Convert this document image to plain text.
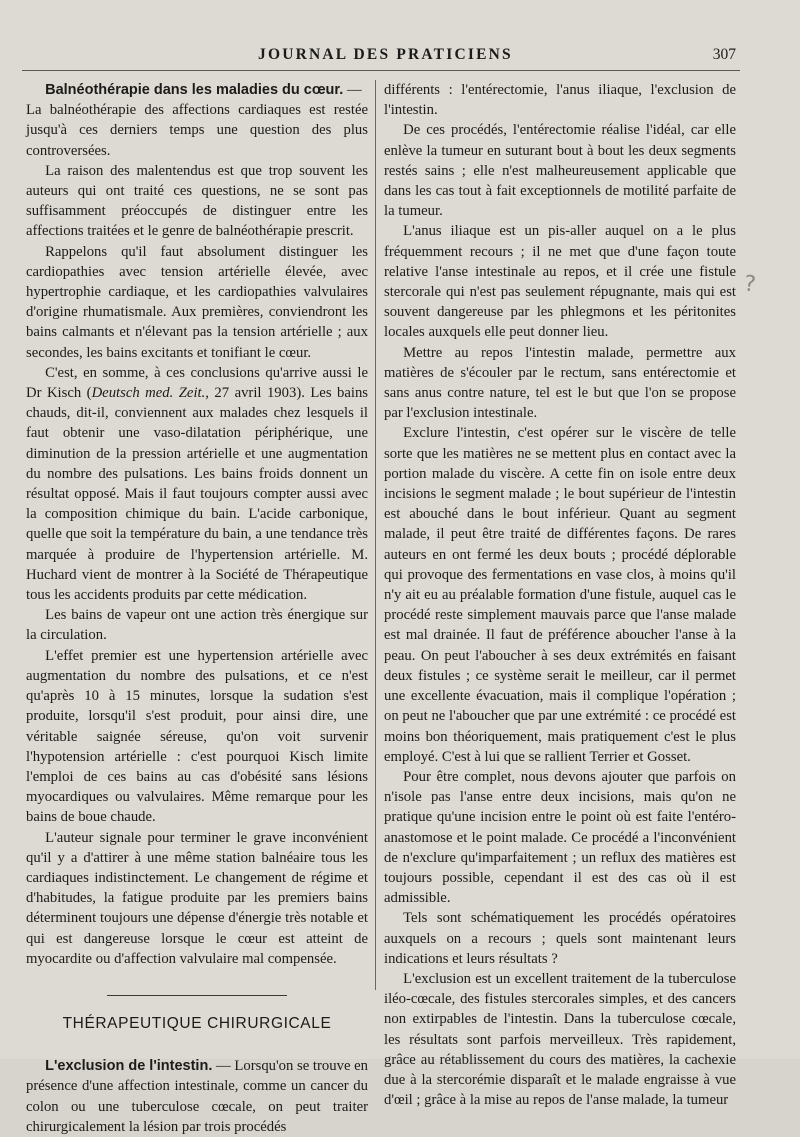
JOURNAL DES PRATICIENS	307

Balnéothérapie dans les maladies du cœur. —
La balnéothérapie des affections cardiaques est restée jusqu'à ces derniers temps une question des plus controversées.

La raison des malentendus est que trop souvent les auteurs qui ont traité ces questions, ne se sont pas suffisamment préoccupés de distinguer entre les affections traitées et le genre de balnéothérapie prescrit.

Rappelons qu'il faut absolument distinguer les cardiopathies avec tension artérielle élevée, avec hypertrophie cardiaque, et les cardiopathies valvulaires d'origine rhumatismale. Aux premières, conviendront les bains calmants et n'élevant pas la tension artérielle ; aux secondes, les bains excitants et tonifiant le cœur.

C'est, en somme, à ces conclusions qu'arrive aussi le Dr Kisch (Deutsch med. Zeit., 27 avril 1903). Les bains chauds, dit-il, conviennent aux malades chez lesquels il faut obtenir une vaso-dilatation périphérique, une diminution de la pression artérielle et une augmentation du nombre des pulsations. Les bains froids donnent un résultat opposé. Mais il faut toujours compter aussi avec la composition chimique du bain. L'acide carbonique, quelle que soit la température du bain, a une tendance très marquée à produire de l'hypertension artérielle. M. Huchard vient de montrer à la Société de Thérapeutique tous les accidents produits par cette médication.

Les bains de vapeur ont une action très énergique sur la circulation.

L'effet premier est une hypertension artérielle avec augmentation du nombre des pulsations, et ce n'est qu'après 10 à 15 minutes, lorsque la sudation s'est produite, lorsqu'il s'est produit, pour ainsi dire, une véritable saignée séreuse, qu'on voit survenir l'hypotension artérielle : c'est pourquoi Kisch limite l'emploi de ces bains au cas d'obésité sans lésions myocardiques ou valvulaires. Même remarque pour les bains de boue chaude.

L'auteur signale pour terminer le grave inconvénient qu'il y a d'attirer à une même station balnéaire tous les cardiaques indistinctement. Le changement de régime et d'habitudes, la fatigue produite par les premiers bains déterminent toujours une dépense d'énergie très notable et qui est dangereuse lorsque le cœur est atteint de myocardite ou d'affection valvulaire mal compensée.

THÉRAPEUTIQUE CHIRURGICALE

L'exclusion de l'intestin. — Lorsqu'on se trouve en présence d'une affection intestinale, comme un cancer du colon ou une tuberculose cœcale, on peut traiter chirurgicalement la lésion par trois procédés

différents : l'entérectomie, l'anus iliaque, l'exclusion de l'intestin.

De ces procédés, l'entérectomie réalise l'idéal, car elle enlève la tumeur en suturant bout à bout les deux segments restés sains ; elle n'est malheureusement applicable que dans les cas tout à fait exceptionnels de motilité parfaite de la tumeur.

L'anus iliaque est un pis-aller auquel on a le plus fréquemment recours ; il ne met que d'une façon toute relative l'anse intestinale au repos, et il crée une fistule stercorale qui n'est pas seulement répugnante, mais qui est souvent dangereuse par les phlegmons et les péritonites locales auxquels elle peut donner lieu.

Mettre au repos l'intestin malade, permettre aux matières de s'écouler par le rectum, sans entérectomie et sans anus contre nature, tel est le but que l'on se propose par l'exclusion intestinale.

Exclure l'intestin, c'est opérer sur le viscère de telle sorte que les matières ne se mettent plus en contact avec la portion malade du viscère. A cette fin on isole entre deux incisions le segment malade ; le bout supérieur de l'intestin est abouché dans le bout inférieur. Quant au segment malade, il peut être traité de différentes façons. De rares auteurs en ont fermé les deux bouts ; procédé déplorable qui provoque des fermentations en vase clos, à moins qu'il n'y ait eu au préalable formation d'une fistule, auquel cas le procédé reste simplement mauvais parce que l'anse malade est mal drainée. Il faut de préférence aboucher l'anse à la peau. On peut l'aboucher à ses deux extrémités en faisant deux fistules ; ce système serait le meilleur, car il permet une excellente évacuation, mais il complique l'opération ; on peut ne l'aboucher que par une extrémité : ce procédé est moins bon théoriquement, mais pratiquement c'est le plus employé. C'est à lui que se rallient Terrier et Gosset.

Pour être complet, nous devons ajouter que parfois on n'isole pas l'anse entre deux incisions, mais qu'on ne pratique qu'une incision entre le point où est faite l'entéro-anastomose et le point malade. Ce procédé a l'inconvénient de n'exclure qu'imparfaitement ; un reflux des matières est toujours possible, cependant il est des cas où il est admissible.

Tels sont schématiquement les procédés opératoires auxquels on a recours ; quels sont maintenant leurs indications et leurs résultats ?

L'exclusion est un excellent traitement de la tuberculose iléo-cœcale, des fistules stercorales simples, et des cancers non extirpables de l'intestin. Dans la tuberculose cœcale, les résultats sont parfois merveilleux. Très rapidement, grâce au rétablissement du cours des matières, la cachexie due à la stercorémie disparaît et le malade engraisse à vue d'œil ; grâce à la mise au repos de l'anse malade, la tumeur

?
